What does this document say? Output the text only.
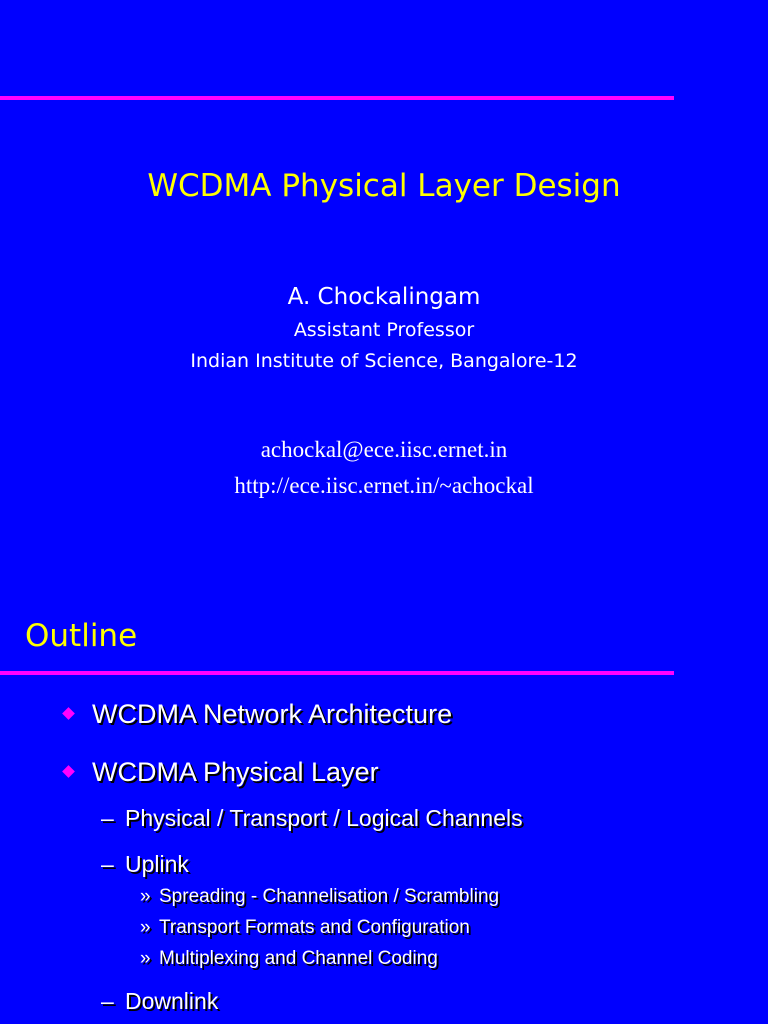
WCDMA Physical Layer Design
A. Chockalingam
Assistant Professor
Indian Institute of Science, Bangalore-12
achockal@ece.iisc.ernet.in
http://ece.iisc.ernet.in/~achockal
Outline
WCDMA Network Architecture
WCDMA Physical Layer
– Physical / Transport / Logical Channels
– Uplink
» Spreading - Channelisation / Scrambling
» Transport Formats and Configuration
» Multiplexing and Channel Coding
– Downlink
